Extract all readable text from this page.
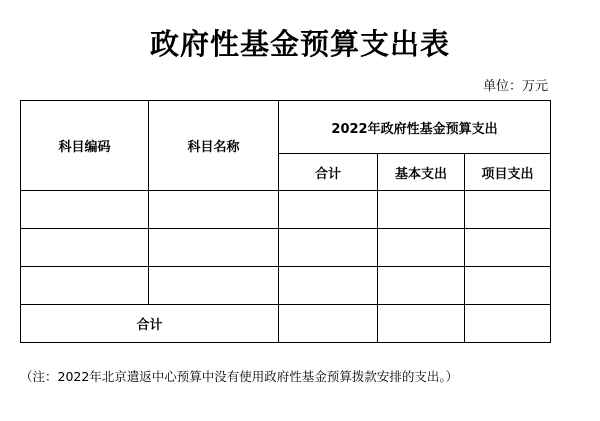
政府性基金预算支出表
单位：万元
科目编码	科目名称	2022年政府性基金预算支出		
		合计	基本支出	项目支出

合计				
（注：2022年北京遣返中心预算中没有使用政府性基金预算拨款安排的支出。）
